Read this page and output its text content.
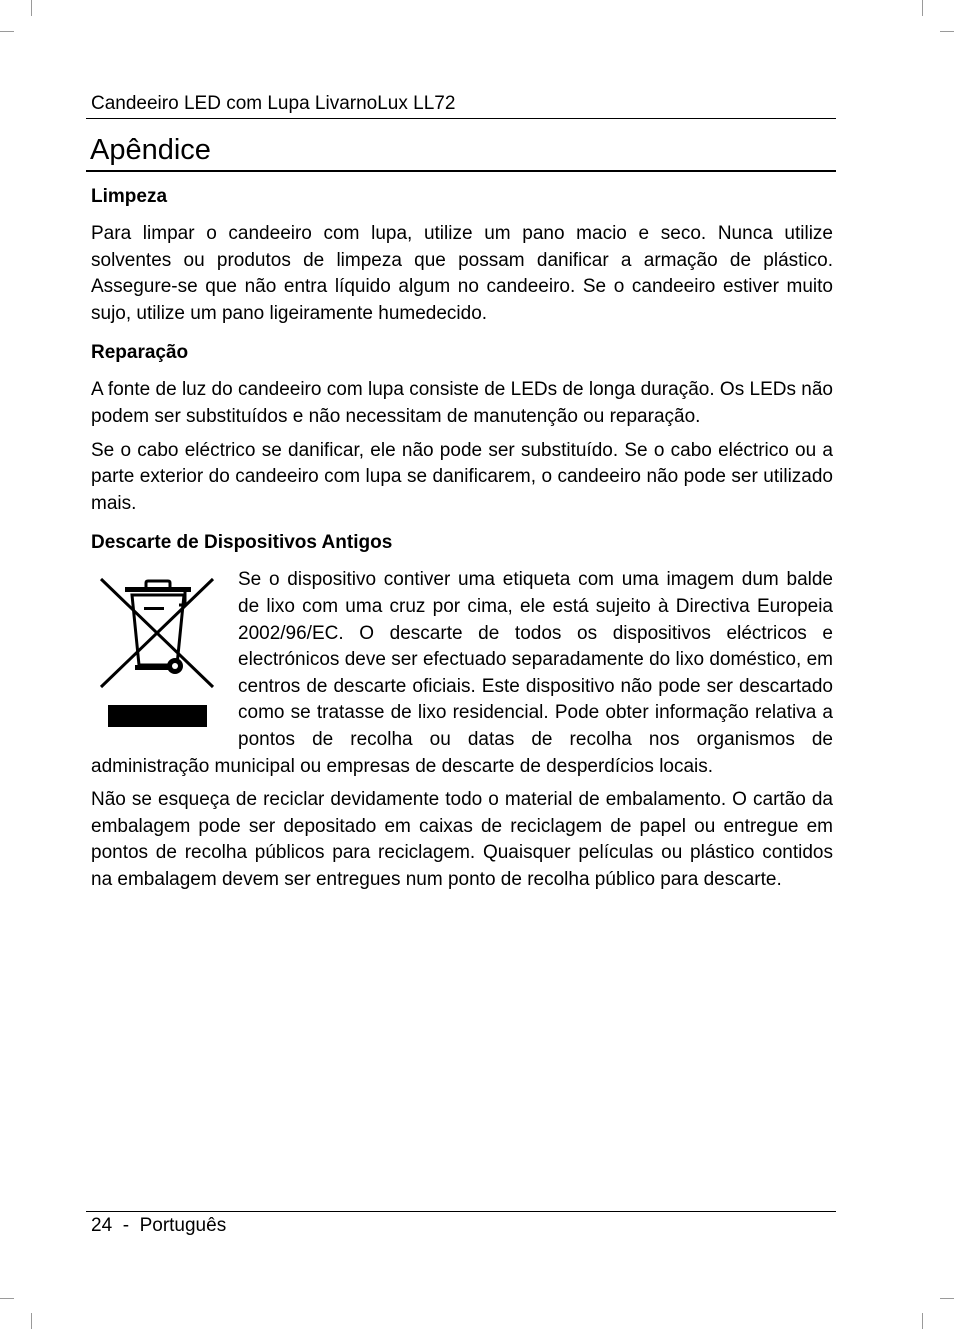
Candeeiro LED com Lupa LivarnoLux LL72
Apêndice
Limpeza

Para limpar o candeeiro com lupa, utilize um pano macio e seco. Nunca utilize solventes ou produtos de limpeza que possam danificar a armação de plástico. Assegure-se que não entra líquido algum no candeeiro. Se o candeeiro estiver muito sujo, utilize um pano ligeiramente humedecido.

Reparação

A fonte de luz do candeeiro com lupa consiste de LEDs de longa duração. Os LEDs não podem ser substituídos e não necessitam de manutenção ou reparação.

Se o cabo eléctrico se danificar, ele não pode ser substituído. Se o cabo eléctrico ou a parte exterior do candeeiro com lupa se danificarem, o candeeiro não pode ser utilizado mais.

Descarte de Dispositivos Antigos

Se o dispositivo contiver uma etiqueta com uma imagem dum balde de lixo com uma cruz por cima, ele está sujeito à Directiva Europeia 2002/96/EC. O descarte de todos os dispositivos eléctricos e electrónicos deve ser efectuado separadamente do lixo doméstico, em centros de descarte oficiais. Este dispositivo não pode ser descartado como se tratasse de lixo residencial. Pode obter informação relativa a pontos de recolha ou datas de recolha nos organismos de administração municipal ou empresas de descarte de desperdícios locais.

Não se esqueça de reciclar devidamente todo o material de embalamento. O cartão da embalagem pode ser depositado em caixas de reciclagem de papel ou entregue em pontos de recolha públicos para reciclagem. Quaisquer películas ou plástico contidos na embalagem devem ser entregues num ponto de recolha público para descarte.

24  -  Português
